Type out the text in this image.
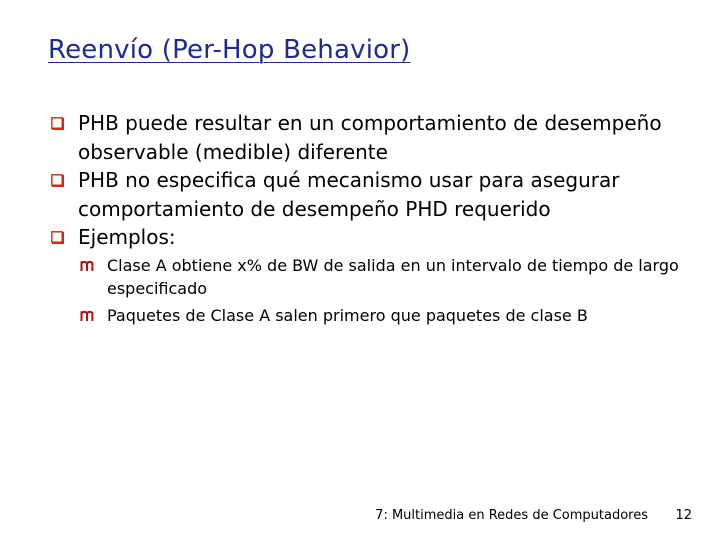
Reenvío (Per-Hop Behavior)
PHB puede resultar en un comportamiento de desempeño observable (medible) diferente
PHB no especifica qué mecanismo usar para asegurar comportamiento de desempeño PHD requerido
Ejemplos:
Clase A obtiene x% de BW de salida en un intervalo de tiempo de largo especificado
Paquetes de Clase A salen primero que paquetes de clase B
7: Multimedia en Redes de Computadores 12
